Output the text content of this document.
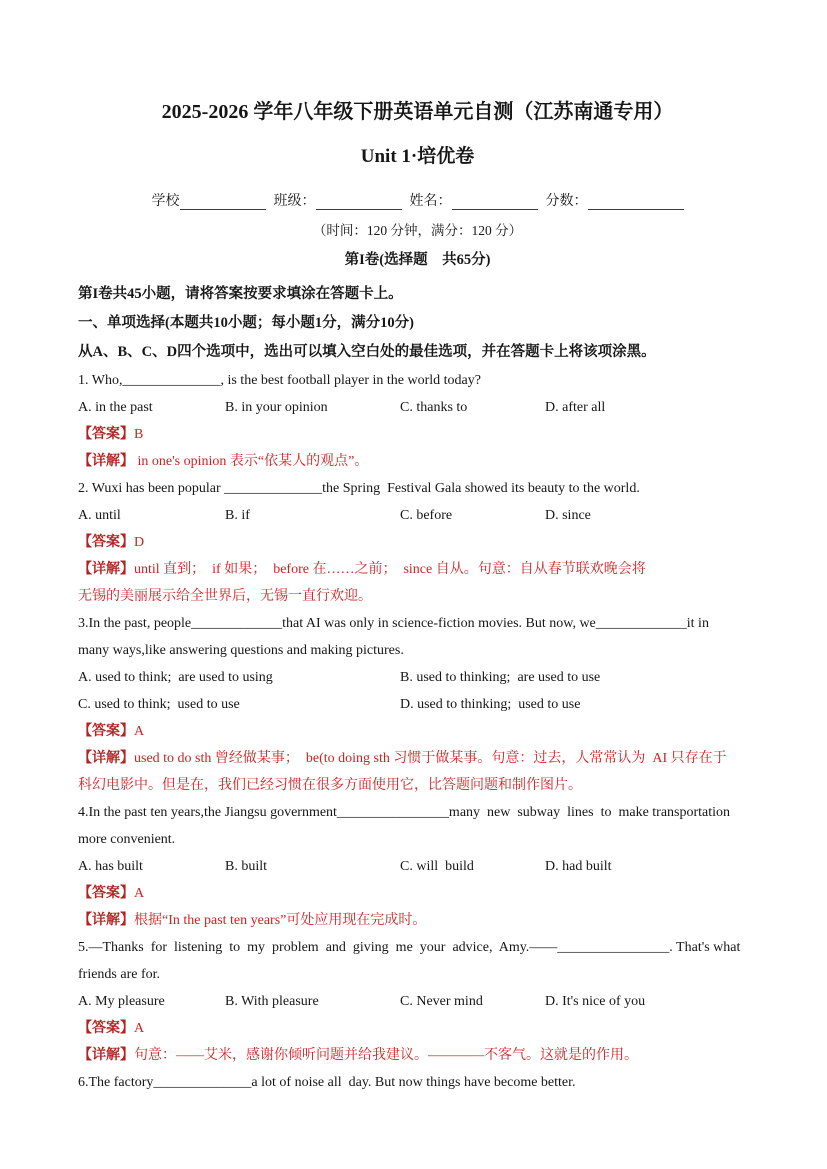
2025-2026 学年八年级下册英语单元自测（江苏南通专用）
Unit 1·培优卷
学校	班级：	姓名：	分数：
（时间：120 分钟，满分：120 分）
第I卷(选择题　共65分)
第I卷共45小题，请将答案按要求填涂在答题卡上。
一、单项选择(本题共10小题；每小题1分，满分10分)
从A、B、C、D四个选项中，选出可以填入空白处的最佳选项，并在答题卡上将该项涂黑。
1. Who,______________, is the best football player in the world today?
A. in the past	B. in your opinion	C. thanks to	D. after all
【答案】B
【详解】 in one's opinion 表示“依某人的观点”。
2. Wuxi has been popular ______________the Spring  Festival Gala showed its beauty to the world.
A. until	B. if	C. before	D. since
【答案】D
【详解】until 直到；  if 如果；  before 在……之前；  since 自从。句意：自从春节联欢晚会将
无锡的美丽展示给全世界后，无锡一直行欢迎。
3.In the past, people_____________that AI was only in science-fiction movies. But now, we_____________it in
many ways,like answering questions and making pictures.
A. used to think;  are used to using	B. used to thinking;  are used to use
C. used to think;  used to use	D. used to thinking;  used to use
【答案】A
【详解】used to do sth 曾经做某事；  be(to doing sth 习惯于做某事。句意：过去，人常常认为  AI 只存在于
科幻电影中。但是在，我们已经习惯在很多方面使用它，比答题问题和制作图片。
4.In the past ten years,the Jiangsu government________________many  new  subway  lines  to  make transportation
more convenient.
A. has built	B. built	C. will  build	D. had built
【答案】A
【详解】根据“In the past ten years”可处应用现在完成时。
5.—Thanks  for  listening  to  my  problem  and  giving  me  your  advice,  Amy.——________________. That's what
friends are for.
A. My pleasure	B. With pleasure	C. Never mind	D. It's nice of you
【答案】A
【详解】句意：——艾米，感谢你倾听问题并给我建议。————不客气。这就是的作用。
6.The factory______________a lot of noise all  day. But now things have become better.
